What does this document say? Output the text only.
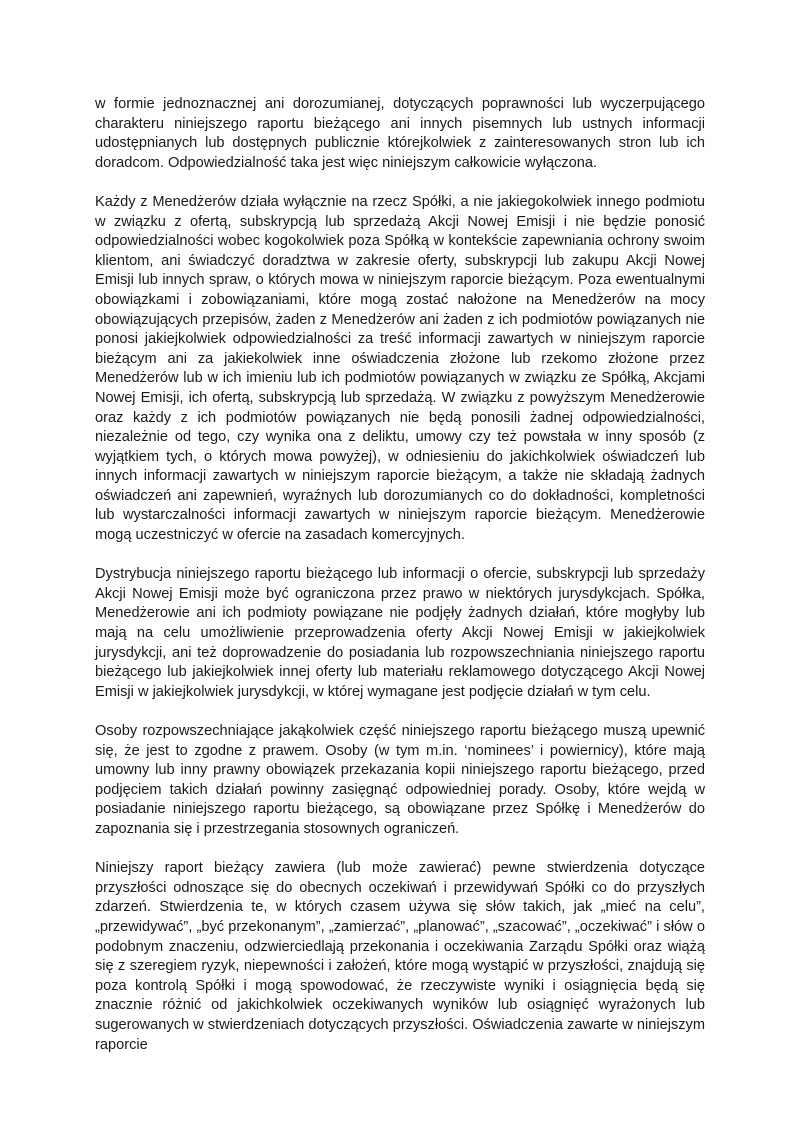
w formie jednoznacznej ani dorozumianej, dotyczących poprawności lub wyczerpującego charakteru niniejszego raportu bieżącego ani innych pisemnych lub ustnych informacji udostępnianych lub dostępnych publicznie którejkolwiek z zainteresowanych stron lub ich doradcom. Odpowiedzialność taka jest więc niniejszym całkowicie wyłączona.

Każdy z Menedżerów działa wyłącznie na rzecz Spółki, a nie jakiegokolwiek innego podmiotu w związku z ofertą, subskrypcją lub sprzedażą Akcji Nowej Emisji i nie będzie ponosić odpowiedzialności wobec kogokolwiek poza Spółką w kontekście zapewniania ochrony swoim klientom, ani świadczyć doradztwa w zakresie oferty, subskrypcji lub zakupu Akcji Nowej Emisji lub innych spraw, o których mowa w niniejszym raporcie bieżącym. Poza ewentualnymi obowiązkami i zobowiązaniami, które mogą zostać nałożone na Menedżerów na mocy obowiązujących przepisów, żaden z Menedżerów ani żaden z ich podmiotów powiązanych nie ponosi jakiejkolwiek odpowiedzialności za treść informacji zawartych w niniejszym raporcie bieżącym ani za jakiekolwiek inne oświadczenia złożone lub rzekomo złożone przez Menedżerów lub w ich imieniu lub ich podmiotów powiązanych w związku ze Spółką, Akcjami Nowej Emisji, ich ofertą, subskrypcją lub sprzedażą. W związku z powyższym Menedżerowie oraz każdy z ich podmiotów powiązanych nie będą ponosili żadnej odpowiedzialności, niezależnie od tego, czy wynika ona z deliktu, umowy czy też powstała w inny sposób (z wyjątkiem tych, o których mowa powyżej), w odniesieniu do jakichkolwiek oświadczeń lub innych informacji zawartych w niniejszym raporcie bieżącym, a także nie składają żadnych oświadczeń ani zapewnień, wyraźnych lub dorozumianych co do dokładności, kompletności lub wystarczalności informacji zawartych w niniejszym raporcie bieżącym. Menedżerowie mogą uczestniczyć w ofercie na zasadach komercyjnych.

Dystrybucja niniejszego raportu bieżącego lub informacji o ofercie, subskrypcji lub sprzedaży Akcji Nowej Emisji może być ograniczona przez prawo w niektórych jurysdykcjach. Spółka, Menedżerowie ani ich podmioty powiązane nie podjęły żadnych działań, które mogłyby lub mają na celu umożliwienie przeprowadzenia oferty Akcji Nowej Emisji w jakiejkolwiek jurysdykcji, ani też doprowadzenie do posiadania lub rozpowszechniania niniejszego raportu bieżącego lub jakiejkolwiek innej oferty lub materiału reklamowego dotyczącego Akcji Nowej Emisji w jakiejkolwiek jurysdykcji, w której wymagane jest podjęcie działań w tym celu.

Osoby rozpowszechniające jakąkolwiek część niniejszego raportu bieżącego muszą upewnić się, że jest to zgodne z prawem. Osoby (w tym m.in. ‘nominees’ i powiernicy), które mają umowny lub inny prawny obowiązek przekazania kopii niniejszego raportu bieżącego, przed podjęciem takich działań powinny zasięgnąć odpowiedniej porady. Osoby, które wejdą w posiadanie niniejszego raportu bieżącego, są obowiązane przez Spółkę i Menedżerów do zapoznania się i przestrzegania stosownych ograniczeń.

Niniejszy raport bieżący zawiera (lub może zawierać) pewne stwierdzenia dotyczące przyszłości odnoszące się do obecnych oczekiwań i przewidywań Spółki co do przyszłych zdarzeń. Stwierdzenia te, w których czasem używa się słów takich, jak „mieć na celu”, „przewidywać”, „być przekonanym”, „zamierzać”, „planować”, „szacować”, „oczekiwać” i słów o podobnym znaczeniu, odzwierciedlają przekonania i oczekiwania Zarządu Spółki oraz wiążą się z szeregiem ryzyk, niepewności i założeń, które mogą wystąpić w przyszłości, znajdują się poza kontrolą Spółki i mogą spowodować, że rzeczywiste wyniki i osiągnięcia będą się znacznie różnić od jakichkolwiek oczekiwanych wyników lub osiągnięć wyrażonych lub sugerowanych w stwierdzeniach dotyczących przyszłości. Oświadczenia zawarte w niniejszym raporcie
